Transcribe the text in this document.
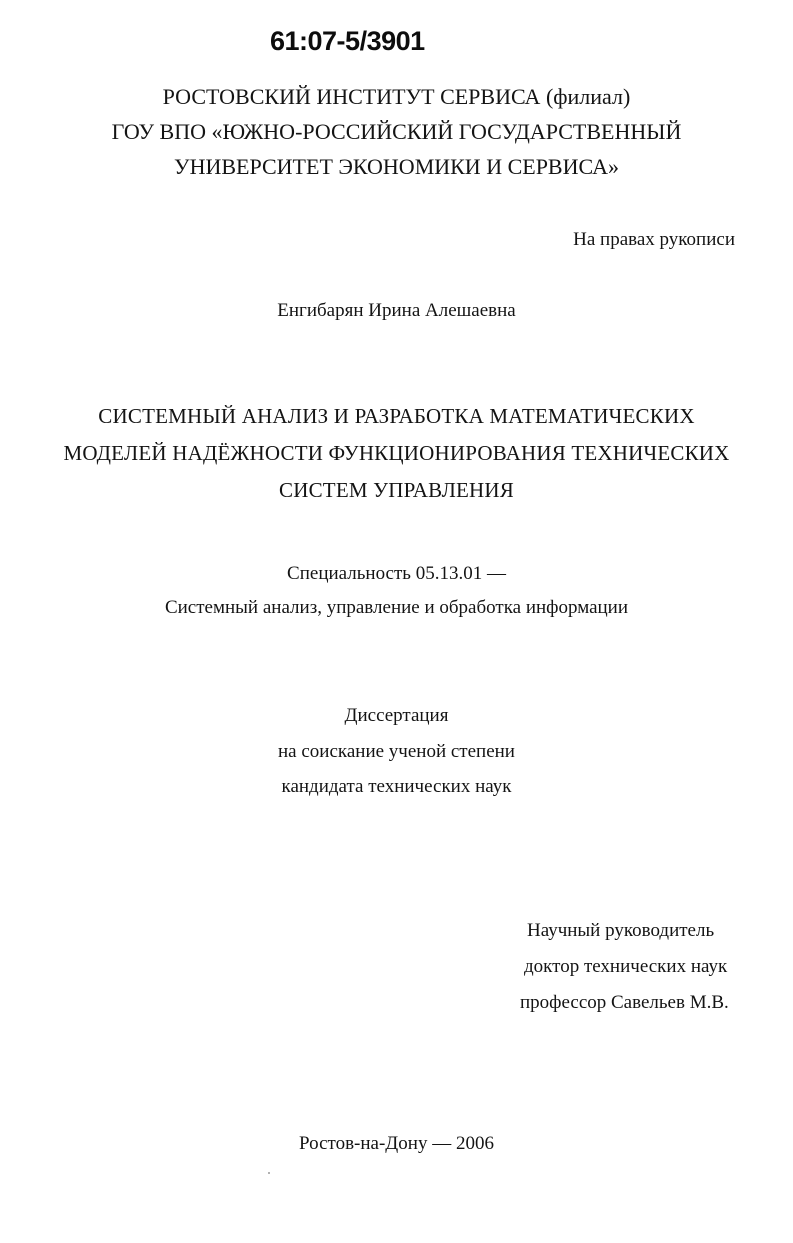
61:07-5/3901
РОСТОВСКИЙ ИНСТИТУТ СЕРВИСА (филиал)
ГОУ ВПО «ЮЖНО-РОССИЙСКИЙ ГОСУДАРСТВЕННЫЙ
УНИВЕРСИТЕТ ЭКОНОМИКИ И СЕРВИСА»
На правах рукописи
Енгибарян Ирина Алешаевна
СИСТЕМНЫЙ АНАЛИЗ И РАЗРАБОТКА МАТЕМАТИЧЕСКИХ
МОДЕЛЕЙ НАДЁЖНОСТИ ФУНКЦИОНИРОВАНИЯ ТЕХНИЧЕСКИХ
СИСТЕМ УПРАВЛЕНИЯ
Специальность 05.13.01 —
Системный анализ, управление и обработка информации
Диссертация
на соискание ученой степени
кандидата технических наук
Научный руководитель
доктор технических наук
профессор Савельев М.В.
Ростов-на-Дону — 2006
